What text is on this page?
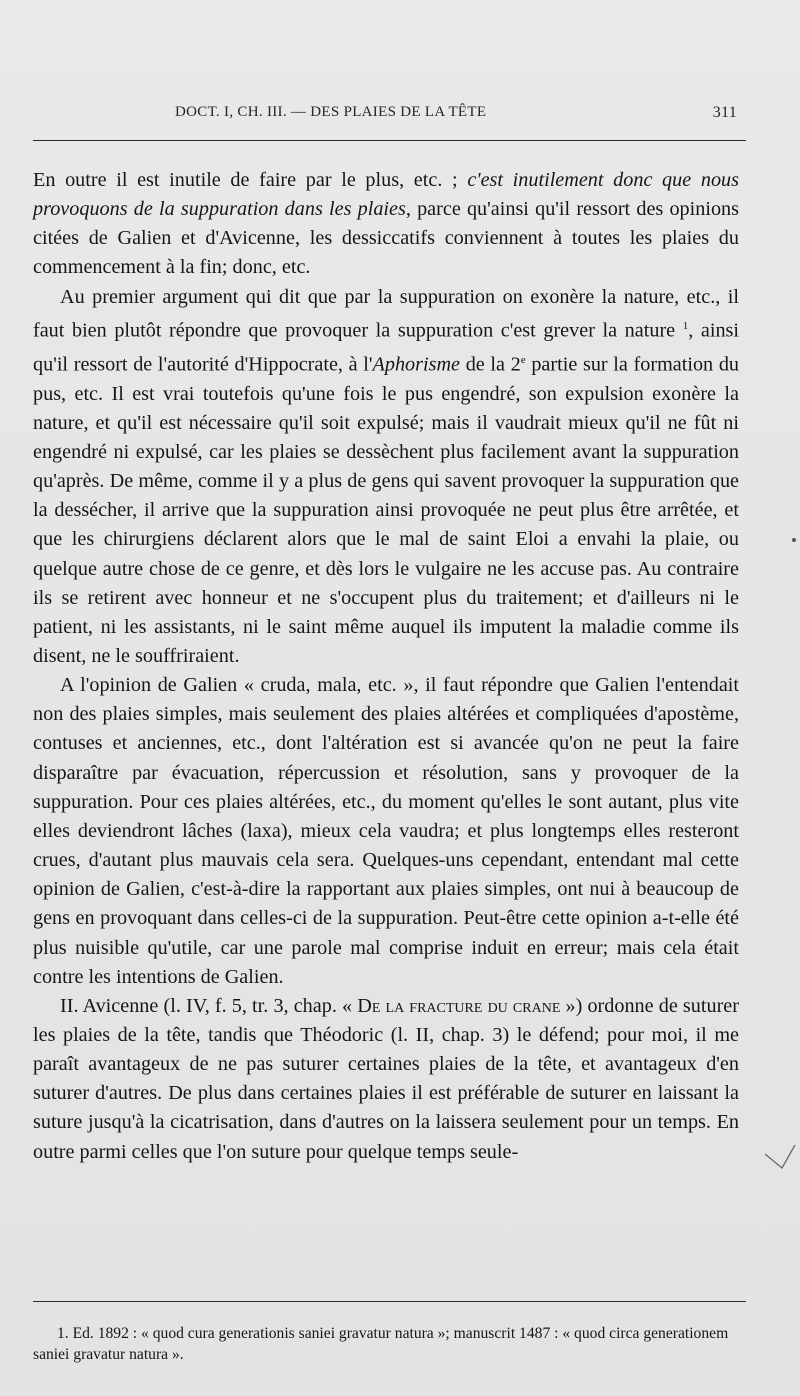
DOCT. I, CH. III. — DES PLAIES DE LA TÊTE	311

En outre il est inutile de faire par le plus, etc. ; c'est inutilement donc que nous provoquons de la suppuration dans les plaies, parce qu'ainsi qu'il ressort des opinions citées de Galien et d'Avicenne, les dessiccatifs conviennent à toutes les plaies du commencement à la fin; donc, etc.

Au premier argument qui dit que par la suppuration on exonère la nature, etc., il faut bien plutôt répondre que provoquer la suppuration c'est grever la nature $^1$, ainsi qu'il ressort de l'autorité d'Hippocrate, à l'Aphorisme de la 2e partie sur la formation du pus, etc. Il est vrai toutefois qu'une fois le pus engendré, son expulsion exonère la nature, et qu'il est nécessaire qu'il soit expulsé; mais il vaudrait mieux qu'il ne fût ni engendré ni expulsé, car les plaies se dessèchent plus facilement avant la suppuration qu'après. De même, comme il y a plus de gens qui savent provoquer la suppuration que la dessécher, il arrive que la suppuration ainsi provoquée ne peut plus être arrêtée, et que les chirurgiens déclarent alors que le mal de saint Eloi a envahi la plaie, ou quelque autre chose de ce genre, et dès lors le vulgaire ne les accuse pas. Au contraire ils se retirent avec honneur et ne s'occupent plus du traitement; et d'ailleurs ni le patient, ni les assistants, ni le saint même auquel ils imputent la maladie comme ils disent, ne le souffriraient.

A l'opinion de Galien « cruda, mala, etc. », il faut répondre que Galien l'entendait non des plaies simples, mais seulement des plaies altérées et compliquées d'apostème, contuses et anciennes, etc., dont l'altération est si avancée qu'on ne peut la faire disparaître par évacuation, répercussion et résolution, sans y provoquer de la suppuration. Pour ces plaies altérées, etc., du moment qu'elles le sont autant, plus vite elles deviendront lâches (laxa), mieux cela vaudra; et plus longtemps elles resteront crues, d'autant plus mauvais cela sera. Quelques-uns cependant, entendant mal cette opinion de Galien, c'est-à-dire la rapportant aux plaies simples, ont nui à beaucoup de gens en provoquant dans celles-ci de la suppuration. Peut-être cette opinion a-t-elle été plus nuisible qu'utile, car une parole mal comprise induit en erreur; mais cela était contre les intentions de Galien.

II. Avicenne (l. IV, f. 5, tr. 3, chap. « De la fracture du crane ») ordonne de suturer les plaies de la tête, tandis que Théodoric (l. II, chap. 3) le défend; pour moi, il me paraît avantageux de ne pas suturer certaines plaies de la tête, et avantageux d'en suturer d'autres. De plus dans certaines plaies il est préférable de suturer en laissant la suture jusqu'à la cicatrisation, dans d'autres on la laissera seulement pour un temps. En outre parmi celles que l'on suture pour quelque temps seule-

1. Ed. 1892 : « quod cura generationis saniei gravatur natura »; manuscrit 1487 : « quod circa generationem saniei gravatur natura ».
